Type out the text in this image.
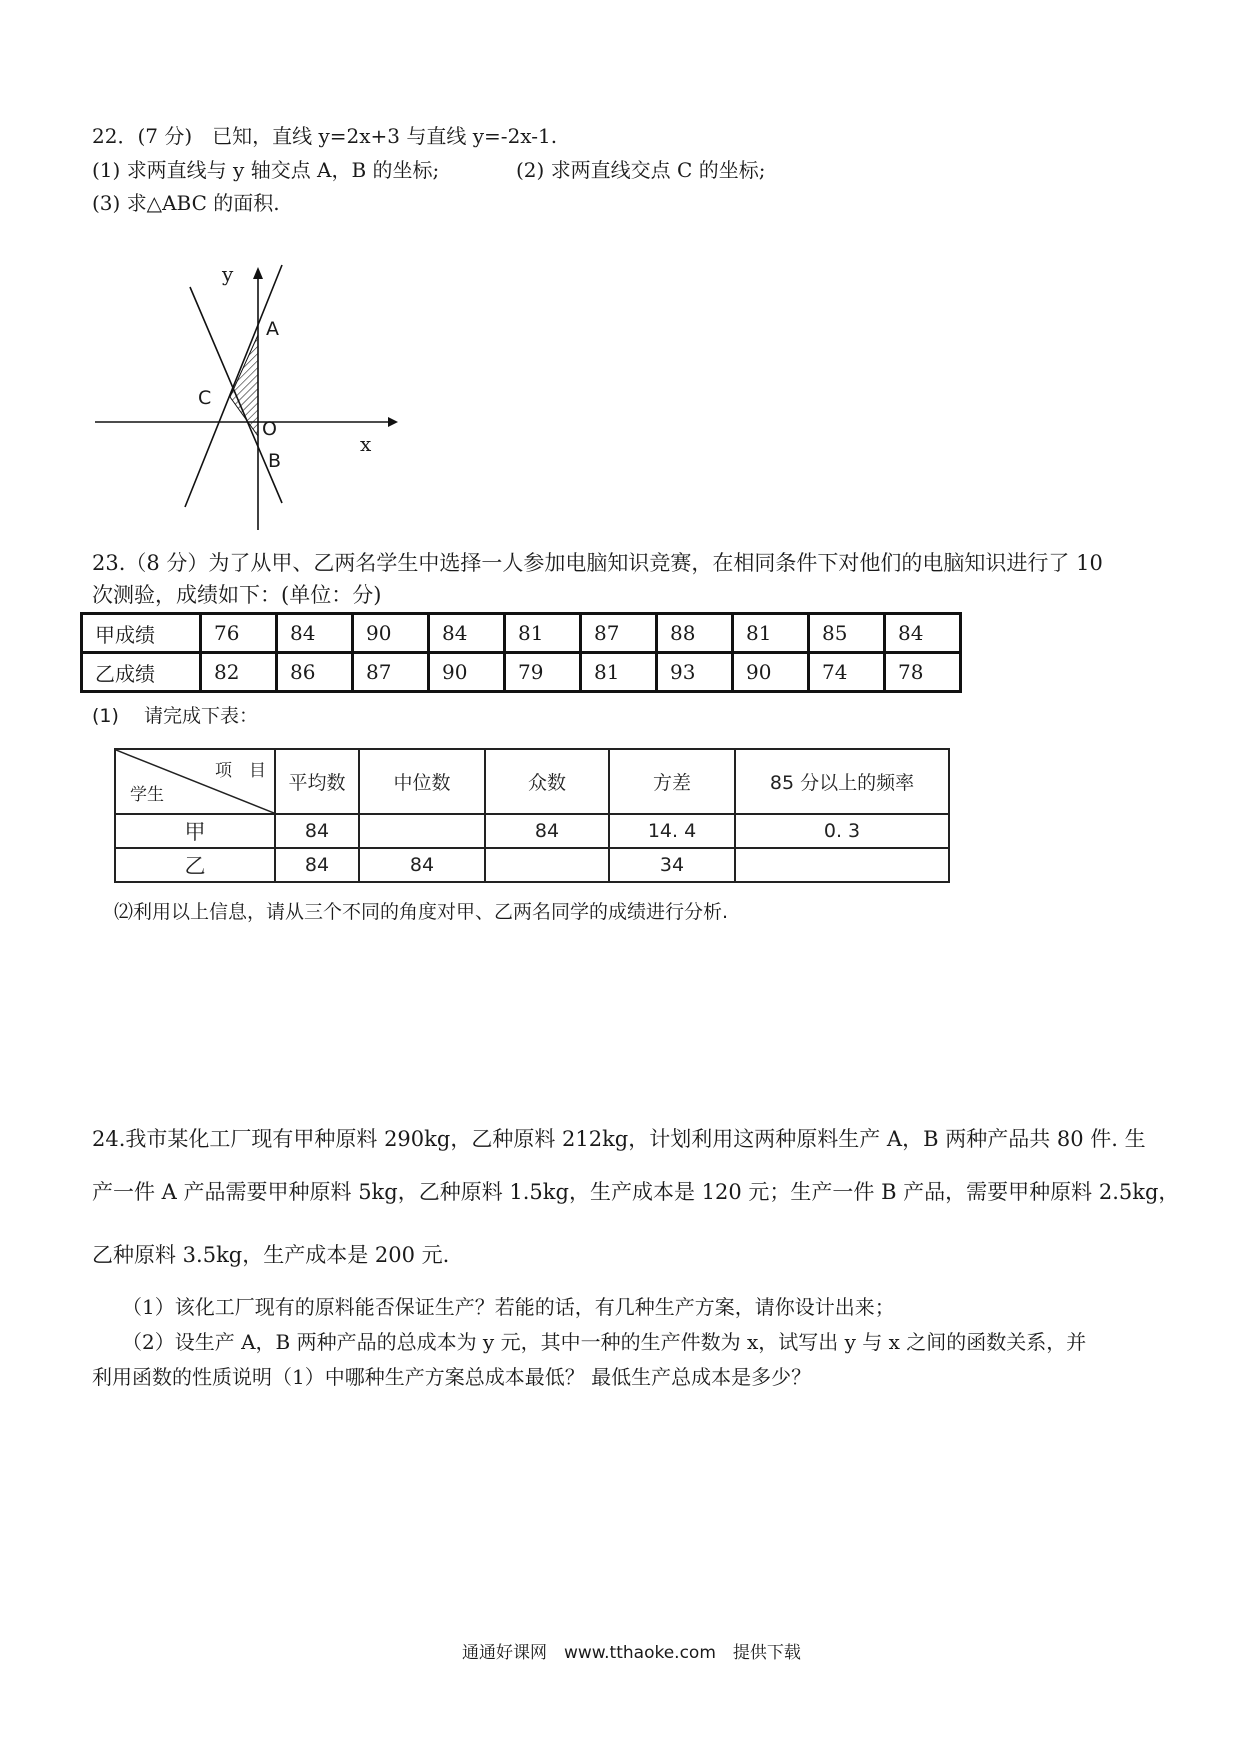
22．(7 分)　已知，直线 y=2x+3 与直线 y=-2x-1.
(1) 求两直线与 y 轴交点 A，B 的坐标;	(2) 求两直线交点 C 的坐标;
(3) 求△ABC 的面积.
y
y
x
A
C
O
B
23.（8 分）为了从甲、乙两名学生中选择一人参加电脑知识竞赛，在相同条件下对他们的电脑知识进行了 10
次测验，成绩如下：(单位：分)
甲成绩	76	84	90	84	81	87	88	81	85	84
乙成绩	82	86	87	90	79	81	93	90	74	78
(1)　 请完成下表：
项　目
学生	平均数	中位数	众数	方差	85 分以上的频率
甲	84		84	14. 4	0. 3
乙	84	84		34	
⑵利用以上信息，请从三个不同的角度对甲、乙两名同学的成绩进行分析.
24.我市某化工厂现有甲种原料 290kg，乙种原料 212kg，计划利用这两种原料生产 A，B 两种产品共 80 件. 生
产一件 A 产品需要甲种原料 5kg，乙种原料 1.5kg，生产成本是 120 元；生产一件 B 产品，需要甲种原料 2.5kg，
乙种原料 3.5kg，生产成本是 200 元.
（1）该化工厂现有的原料能否保证生产？若能的话，有几种生产方案，请你设计出来；
（2）设生产 A，B 两种产品的总成本为 y 元，其中一种的生产件数为 x，试写出 y 与 x 之间的函数关系，并
利用函数的性质说明（1）中哪种生产方案总成本最低？ 最低生产总成本是多少？
通通好课网　www.tthaoke.com　提供下载
